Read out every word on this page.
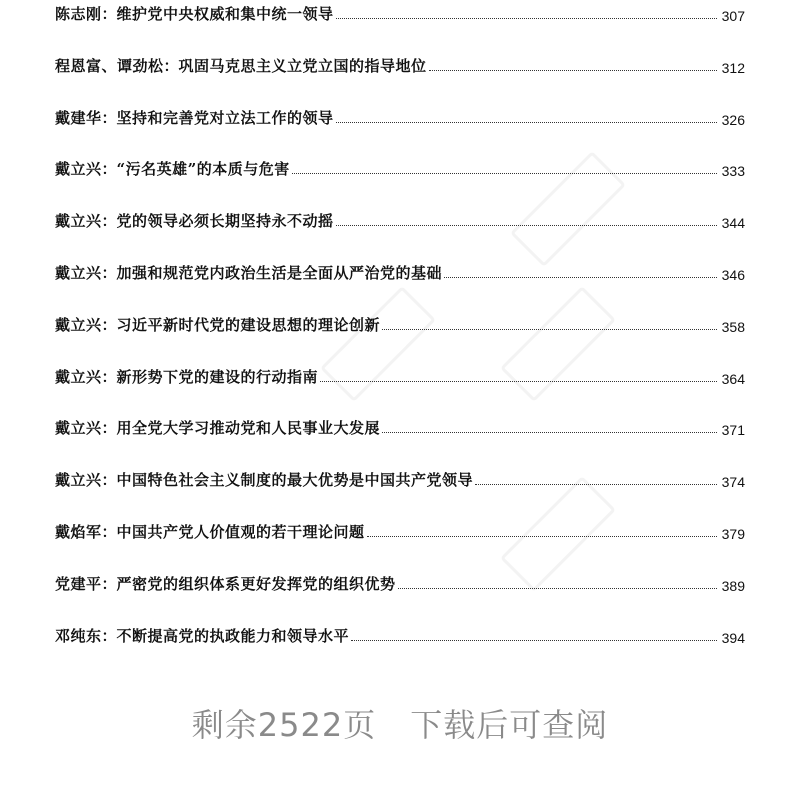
陈志刚 ： 维护党中央权威和集中统一领导	307
程恩富、谭劲松 ： 巩固马克思主义立党立国的指导地位	312
戴建华 ： 坚持和完善党对立法工作的领导	326
戴立兴 ： “污名英雄”的本质与危害	333
戴立兴 ： 党的领导必须长期坚持永不动摇	344
戴立兴 ： 加强和规范党内政治生活是全面从严治党的基础	346
戴立兴 ： 习近平新时代党的建设思想的理论创新	358
戴立兴 ： 新形势下党的建设的行动指南	364
戴立兴 ： 用全党大学习推动党和人民事业大发展	371
戴立兴 ： 中国特色社会主义制度的最大优势是中国共产党领导	374
戴焰军 ： 中国共产党人价值观的若干理论问题	379
党建平 ： 严密党的组织体系更好发挥党的组织优势	389
邓纯东 ： 不断提高党的执政能力和领导水平	394
剩余2522页 下载后可查阅
